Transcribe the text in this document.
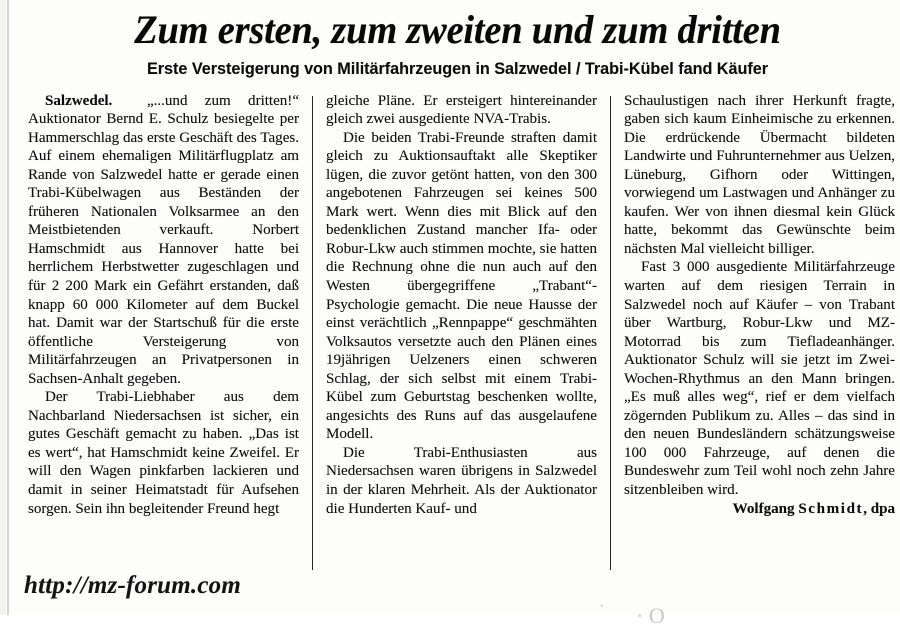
Zum ersten, zum zweiten und zum dritten
Erste Versteigerung von Militärfahrzeugen in Salzwedel / Trabi-Kübel fand Käufer

Salzwedel. „...und zum dritten!“ Auktionator Bernd E. Schulz besiegelte per Hammerschlag das erste Geschäft des Tages. Auf einem ehemaligen Militärflugplatz am Rande von Salzwedel hatte er gerade einen Trabi-Kübelwagen aus Beständen der früheren Nationalen Volksarmee an den Meistbietenden verkauft. Norbert Hamschmidt aus Hannover hatte bei herrlichem Herbstwetter zugeschlagen und für 2 200 Mark ein Gefährt erstanden, daß knapp 60 000 Kilometer auf dem Buckel hat. Damit war der Startschuß für die erste öffentliche Versteigerung von Militärfahrzeugen an Privatpersonen in Sachsen-Anhalt gegeben.

Der Trabi-Liebhaber aus dem Nachbarland Niedersachsen ist sicher, ein gutes Geschäft gemacht zu haben. „Das ist es wert“, hat Hamschmidt keine Zweifel. Er will den Wagen pinkfarben lackieren und damit in seiner Heimatstadt für Aufsehen sorgen. Sein ihn begleitender Freund hegt

gleiche Pläne. Er ersteigert hintereinander gleich zwei ausgediente NVA-Trabis.

Die beiden Trabi-Freunde straften damit gleich zu Auktionsauftakt alle Skeptiker lügen, die zuvor getönt hatten, von den 300 angebotenen Fahrzeugen sei keines 500 Mark wert. Wenn dies mit Blick auf den bedenklichen Zustand mancher Ifa- oder Robur-Lkw auch stimmen mochte, sie hatten die Rechnung ohne die nun auch auf den Westen übergegriffene „Trabant“-Psychologie gemacht. Die neue Hausse der einst verächtlich „Rennpappe“ geschmähten Volksautos versetzte auch den Plänen eines 19jährigen Uelzeners einen schweren Schlag, der sich selbst mit einem Trabi-Kübel zum Geburtstag beschenken wollte, angesichts des Runs auf das ausgelaufene Modell.

Die Trabi-Enthusiasten aus Niedersachsen waren übrigens in Salzwedel in der klaren Mehrheit. Als der Auktionator die Hunderten Kauf- und

Schaulustigen nach ihrer Herkunft fragte, gaben sich kaum Einheimische zu erkennen. Die erdrückende Übermacht bildeten Landwirte und Fuhrunternehmer aus Uelzen, Lüneburg, Gifhorn oder Wittingen, vorwiegend um Lastwagen und Anhänger zu kaufen. Wer von ihnen diesmal kein Glück hatte, bekommt das Gewünschte beim nächsten Mal vielleicht billiger.

Fast 3 000 ausgediente Militärfahrzeuge warten auf dem riesigen Terrain in Salzwedel noch auf Käufer – von Trabant über Wartburg, Robur-Lkw und MZ-Motorrad bis zum Tiefladeanhänger. Auktionator Schulz will sie jetzt im Zwei-Wochen-Rhythmus an den Mann bringen. „Es muß alles weg“, rief er dem vielfach zögernden Publikum zu. Alles – das sind in den neuen Bundesländern schätzungsweise 100 000 Fahrzeuge, auf denen die Bundeswehr zum Teil wohl noch zehn Jahre sitzenbleiben wird.

Wolfgang Schmidt, dpa

· · O
http://mz-forum.com
